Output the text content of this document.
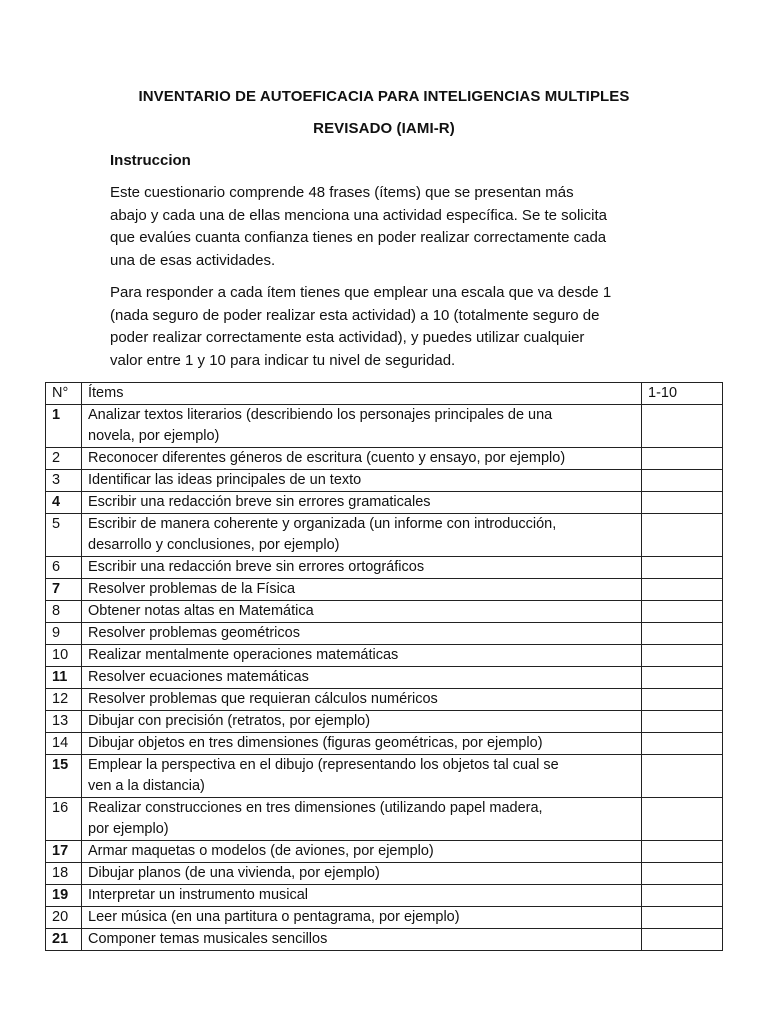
INVENTARIO DE AUTOEFICACIA PARA INTELIGENCIAS MULTIPLES
REVISADO (IAMI-R)
Instruccion
Este cuestionario comprende 48 frases (ítems) que se presentan más
abajo y cada una de ellas menciona una actividad específica. Se te solicita
que evalúes cuanta confianza tienes en poder realizar correctamente cada
una de esas actividades.
Para responder a cada ítem tienes que emplear una escala que va desde 1
(nada seguro de poder realizar esta actividad) a 10 (totalmente seguro de
poder realizar correctamente esta actividad), y puedes utilizar cualquier
valor entre 1 y 10 para indicar tu nivel de seguridad.
N°	Ítems	1-10
1	Analizar textos literarios (describiendo los personajes principales de una
novela, por ejemplo)	

2	Reconocer diferentes géneros de escritura (cuento y ensayo, por ejemplo)	

3	Identificar las ideas principales de un texto	

4	Escribir una redacción breve sin errores gramaticales	

5	Escribir de manera coherente y organizada (un informe con introducción,
desarrollo y conclusiones, por ejemplo)	

6	Escribir una redacción breve sin errores ortográficos	

7	Resolver problemas de la Física	

8	Obtener notas altas en Matemática	

9	Resolver problemas geométricos	

10	Realizar mentalmente operaciones matemáticas	

11	Resolver ecuaciones matemáticas	

12	Resolver problemas que requieran cálculos numéricos	

13	Dibujar con precisión (retratos, por ejemplo)	

14	Dibujar objetos en tres dimensiones (figuras geométricas, por ejemplo)	

15	Emplear la perspectiva en el dibujo (representando los objetos tal cual se
ven a la distancia)	

16	Realizar construcciones en tres dimensiones (utilizando papel madera,
por ejemplo)	

17	Armar maquetas o modelos (de aviones, por ejemplo)	

18	Dibujar planos (de una vivienda, por ejemplo)	

19	Interpretar un instrumento musical	

20	Leer música (en una partitura o pentagrama, por ejemplo)	

21	Componer temas musicales sencillos	
